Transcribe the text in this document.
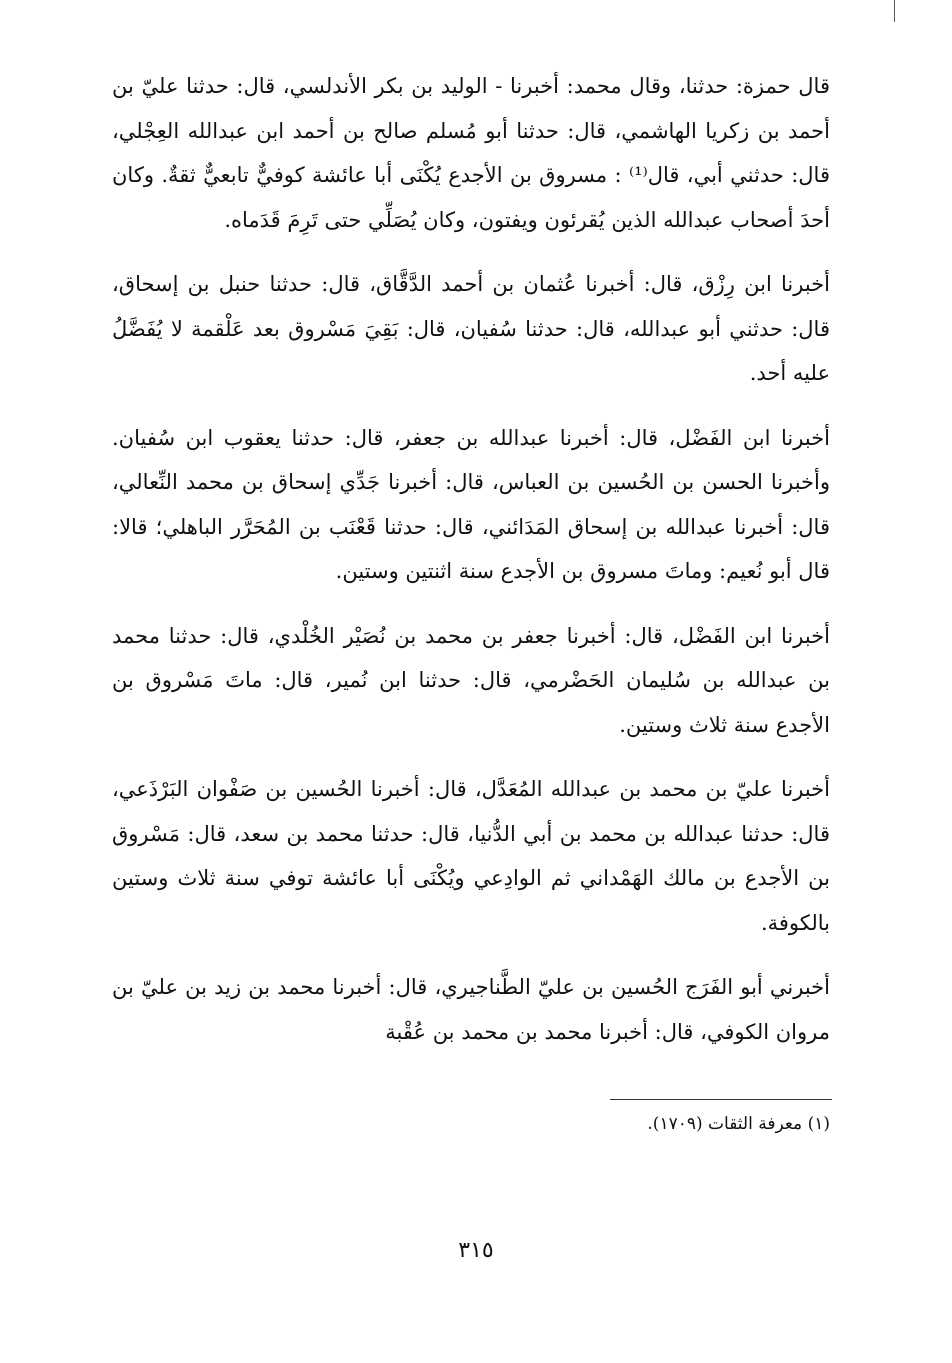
قال حمزة: حدثنا، وقال محمد: أخبرنا - الوليد بن بكر الأندلسي، قال: حدثنا عليّ بن أحمد بن زكريا الهاشمي، قال: حدثنا أبو مُسلم صالح بن أحمد ابن عبدالله العِجْلي، قال: حدثني أبي، قال⁽¹⁾ : مسروق بن الأجدع يُكْنَى أبا عائشة كوفيٌّ تابعيٌّ ثقةٌ. وكان أحدَ أصحاب عبدالله الذين يُقرئون ويفتون، وكان يُصَلِّي حتى تَرِمَ قَدَماه.

أخبرنا ابن رِزْق، قال: أخبرنا عُثمان بن أحمد الدَّقَّاق، قال: حدثنا حنبل بن إسحاق، قال: حدثني أبو عبدالله، قال: حدثنا سُفيان، قال: بَقِيَ مَسْروق بعد عَلْقمة لا يُفَضَّلُ عليه أحد.

أخبرنا ابن الفَضْل، قال: أخبرنا عبدالله بن جعفر، قال: حدثنا يعقوب ابن سُفيان. وأخبرنا الحسن بن الحُسين بن العباس، قال: أخبرنا جَدِّي إسحاق بن محمد النِّعالي، قال: أخبرنا عبدالله بن إسحاق المَدَائني، قال: حدثنا قَعْنَب بن المُحَرَّر الباهلي؛ قالا: قال أبو نُعيم: وماتَ مسروق بن الأجدع سنة اثنتين وستين.

أخبرنا ابن الفَضْل، قال: أخبرنا جعفر بن محمد بن نُصَيْر الخُلْدي، قال: حدثنا محمد بن عبدالله بن سُليمان الحَضْرمي، قال: حدثنا ابن نُمير، قال: ماتَ مَسْروق بن الأجدع سنة ثلاث وستين.

أخبرنا عليّ بن محمد بن عبدالله المُعَدَّل، قال: أخبرنا الحُسين بن صَفْوان البَرْذَعي، قال: حدثنا عبدالله بن محمد بن أبي الدُّنيا، قال: حدثنا محمد بن سعد، قال: مَسْروق بن الأجدع بن مالك الهَمْداني ثم الوادِعي ويُكْنَى أبا عائشة توفي سنة ثلاث وستين بالكوفة.

أخبرني أبو الفَرَج الحُسين بن عليّ الطَّناجيري، قال: أخبرنا محمد بن زيد بن عليّ بن مروان الكوفي، قال: أخبرنا محمد بن محمد بن عُقْبة

(١) معرفة الثقات (١٧٠٩).
٣١٥
